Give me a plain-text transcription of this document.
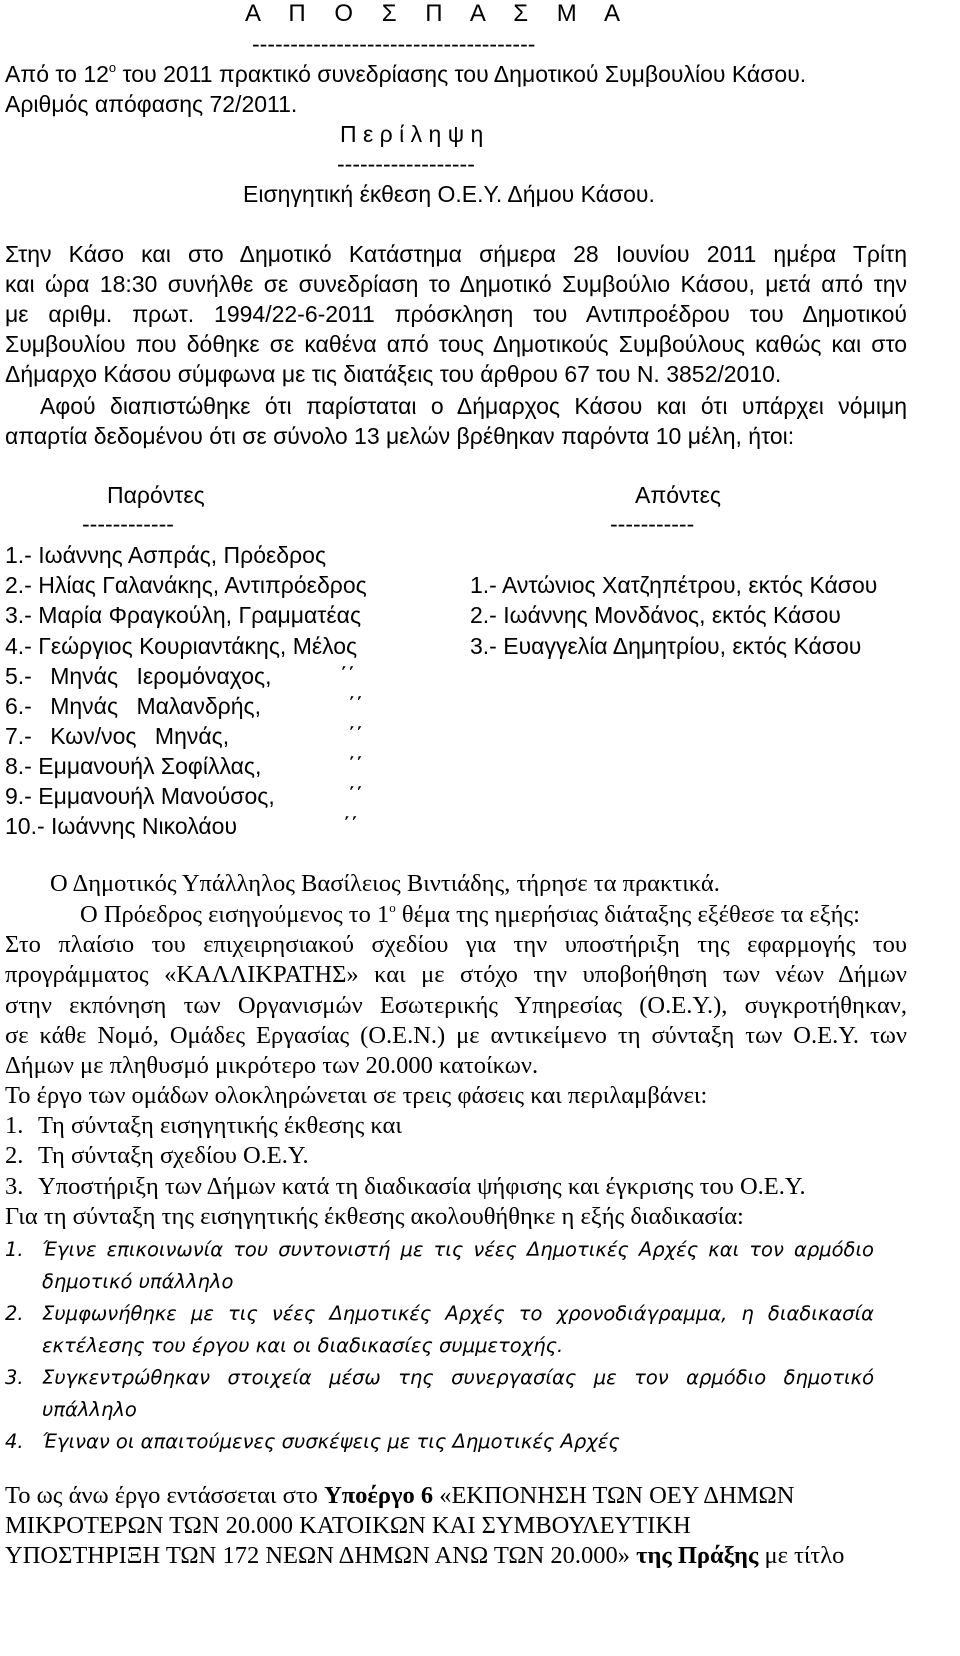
Α Π Ο Σ Π Α Σ Μ Α
-------------------------------------
Από το $12^o$ του 2011 πρακτικό συνεδρίασης του Δημοτικού Συμβουλίου Κάσου.
Αριθμός απόφασης 72/2011.
Π ε ρ ί λ η ψ η
------------------
Εισηγητική έκθεση Ο.Ε.Υ. Δήμου Κάσου.
Στην Κάσο και στο Δημοτικό Κατάστημα σήμερα 28 Ιουνίου 2011 ημέρα Τρίτη
και ώρα 18:30 συνήλθε σε συνεδρίαση το Δημοτικό Συμβούλιο Κάσου, μετά από την
με αριθμ. πρωτ. 1994/22-6-2011 πρόσκληση του Αντιπροέδρου του Δημοτικού
Συμβουλίου που δόθηκε σε καθένα από τους Δημοτικούς Συμβούλους καθώς και στο
Δήμαρχο Κάσου σύμφωνα με τις διατάξεις του άρθρου 67 του Ν. 3852/2010.
Αφού διαπιστώθηκε ότι παρίσταται ο Δήμαρχος Κάσου και ότι υπάρχει νόμιμη
απαρτία δεδομένου ότι σε σύνολο 13 μελών βρέθηκαν παρόντα 10 μέλη, ήτοι:
Παρόντες
------------
Απόντες
-----------
1.- Ιωάννης Ασπράς, Πρόεδρος
2.- Ηλίας Γαλανάκης, Αντιπρόεδρος
3.- Μαρία Φραγκούλη, Γραμματέας
4.- Γεώργιος Κουριαντάκης, Μέλος
5.- Μηνάς Ιερομόναχος,
6.- Μηνάς Μαλανδρής,
7.- Κων/νος Μηνάς,
8.- Εμμανουήλ Σοφίλλας,
9.- Εμμανουήλ Μανούσος,
10.- Ιωάννης Νικολάου
΄΄
΄΄
΄΄
΄΄
΄΄
΄΄
1.- Αντώνιος Χατζηπέτρου, εκτός Κάσου
2.- Ιωάννης Μονδάνος, εκτός Κάσου
3.- Ευαγγελία Δημητρίου, εκτός Κάσου
Ο Δημοτικός Υπάλληλος Βασίλειος Βιντιάδης, τήρησε τα πρακτικά.
Ο Πρόεδρος εισηγούμενος το $1^o$ θέμα της ημερήσιας διάταξης εξέθεσε τα εξής:
Στο πλαίσιο του επιχειρησιακού σχεδίου για την υποστήριξη της εφαρμογής του
προγράμματος «ΚΑΛΛΙΚΡΑΤΗΣ» και με στόχο την υποβοήθηση των νέων Δήμων
στην εκπόνηση των Οργανισμών Εσωτερικής Υπηρεσίας (Ο.Ε.Υ.), συγκροτήθηκαν,
σε κάθε Νομό, Ομάδες Εργασίας (Ο.Ε.Ν.) με αντικείμενο τη σύνταξη των Ο.Ε.Υ. των
Δήμων με πληθυσμό μικρότερο των 20.000 κατοίκων.
Το έργο των ομάδων ολοκληρώνεται σε τρεις φάσεις και περιλαμβάνει:
1. Τη σύνταξη εισηγητικής έκθεσης και
2. Τη σύνταξη σχεδίου Ο.Ε.Υ.
3. Υποστήριξη των Δήμων κατά τη διαδικασία ψήφισης και έγκρισης του Ο.Ε.Υ.
Για τη σύνταξη της εισηγητικής έκθεσης ακολουθήθηκε η εξής διαδικασία:
1. Έγινε επικοινωνία του συντονιστή με τις νέες Δημοτικές Αρχές και τον αρμόδιο
δημοτικό υπάλληλο
2. Συμφωνήθηκε με τις νέες Δημοτικές Αρχές το χρονοδιάγραμμα, η διαδικασία
εκτέλεσης του έργου και οι διαδικασίες συμμετοχής.
3. Συγκεντρώθηκαν στοιχεία μέσω της συνεργασίας με τον αρμόδιο δημοτικό
υπάλληλο
4. Έγιναν οι απαιτούμενες συσκέψεις με τις Δημοτικές Αρχές
Το ως άνω έργο εντάσσεται στο Υποέργο 6 «ΕΚΠΟΝΗΣΗ ΤΩΝ ΟΕΥ ΔΗΜΩΝ
ΜΙΚΡΟΤΕΡΩΝ ΤΩΝ 20.000 ΚΑΤΟΙΚΩΝ ΚΑΙ ΣΥΜΒΟΥΛΕΥΤΙΚΗ
ΥΠΟΣΤΗΡΙΞΗ ΤΩΝ 172 ΝΕΩΝ ΔΗΜΩΝ ΑΝΩ ΤΩΝ 20.000» της Πράξης με τίτλο
